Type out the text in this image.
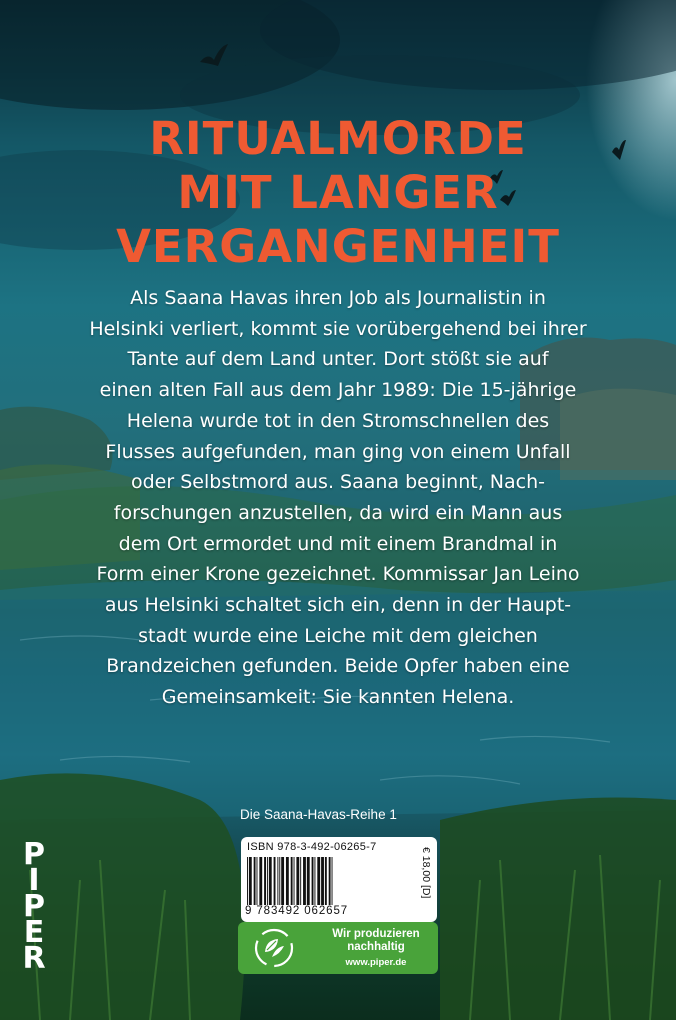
RITUALMORDE
MIT LANGER
VERGANGENHEIT
Als Saana Havas ihren Job als Journalistin in
Helsinki verliert, kommt sie vorübergehend bei ihrer
Tante auf dem Land unter. Dort stößt sie auf
einen alten Fall aus dem Jahr 1989: Die 15-jährige
Helena wurde tot in den Stromschnellen des
Flusses aufgefunden, man ging von einem Unfall
oder Selbstmord aus. Saana beginnt, Nach-
forschungen anzustellen, da wird ein Mann aus
dem Ort ermordet und mit einem Brandmal in
Form einer Krone gezeichnet. Kommissar Jan Leino
aus Helsinki schaltet sich ein, denn in der Haupt-
stadt wurde eine Leiche mit dem gleichen
Brandzeichen gefunden. Beide Opfer haben eine
Gemeinsamkeit: Sie kannten Helena.
Die Saana-Havas-Reihe 1
ISBN 978-3-492-06265-7	€ 18,00 [D]
9 783492 062657
Wir produzieren
nachhaltig
www.piper.de
P
I
P
E
R
